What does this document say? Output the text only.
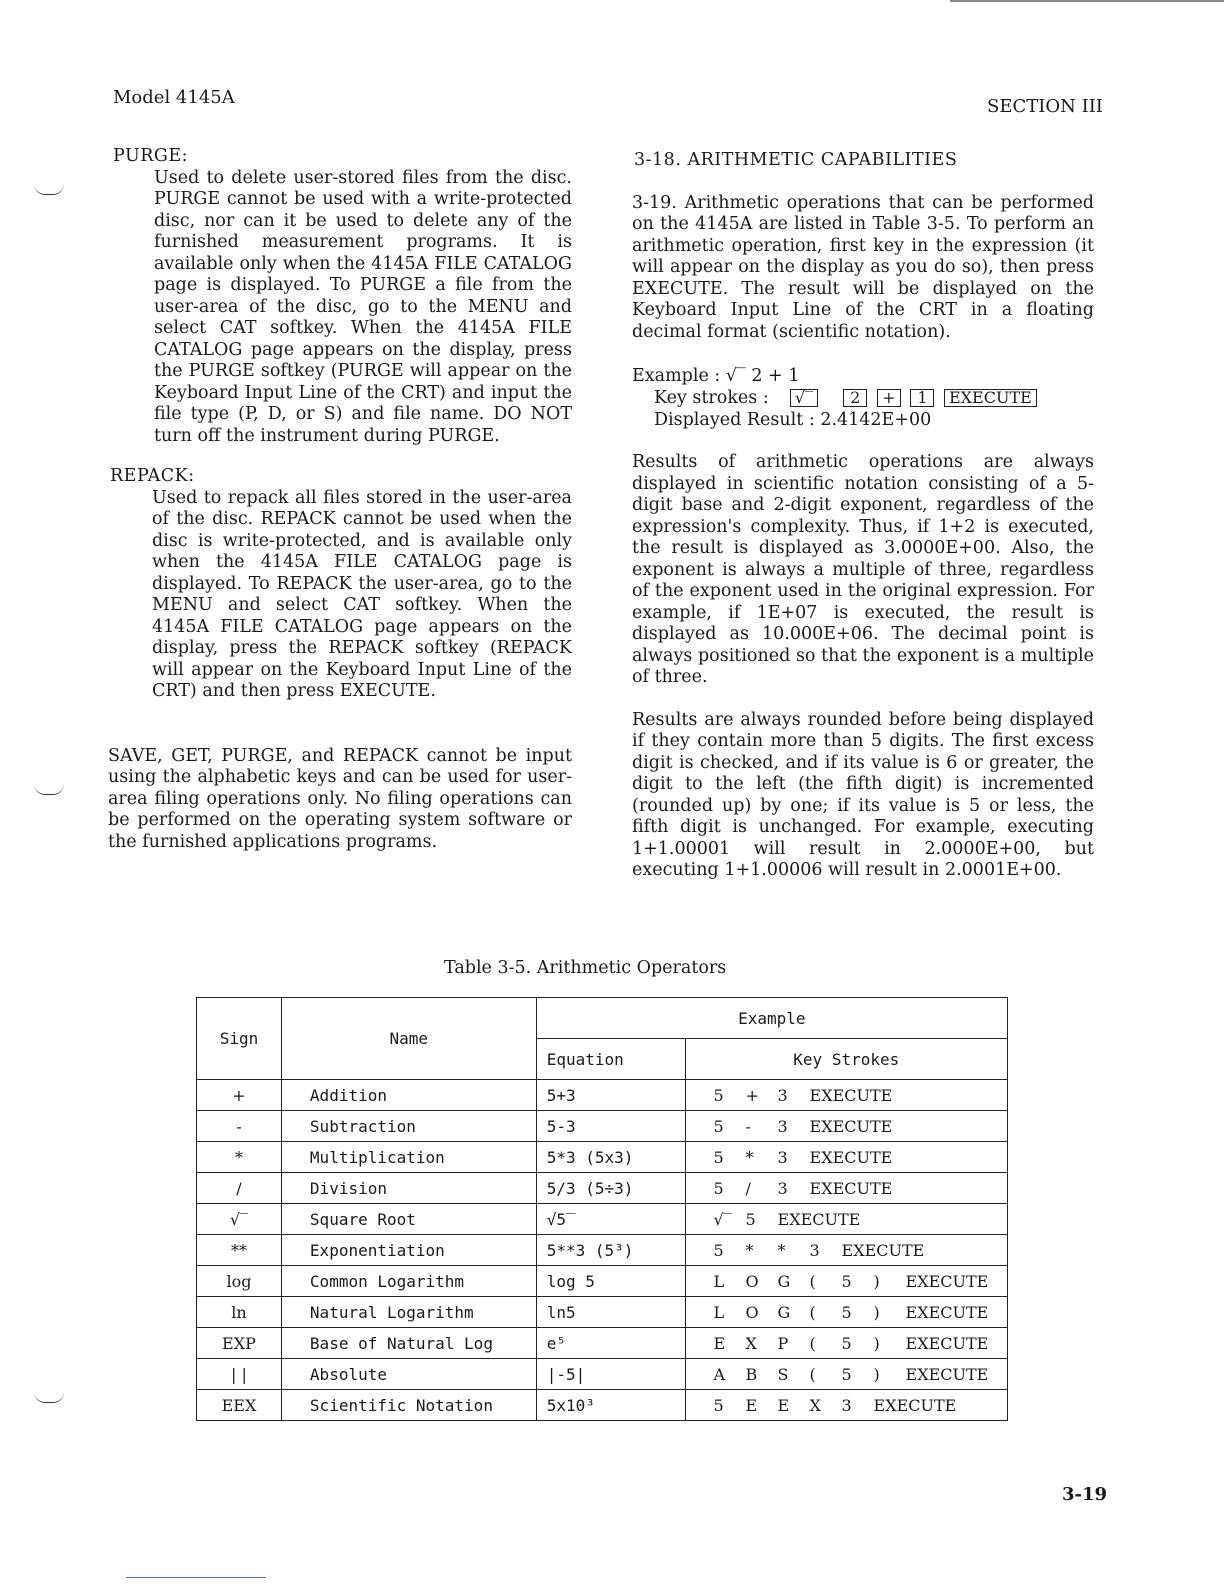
Model 4145A	SECTION III
PURGE:

Used to delete user-stored files from the disc. PURGE cannot be used with a write-protected disc, nor can it be used to delete any of the furnished measurement programs. It is available only when the 4145A FILE CATALOG page is displayed. To PURGE a file from the user-area of the disc, go to the MENU and select CAT softkey. When the 4145A FILE CATALOG page appears on the display, press the PURGE softkey (PURGE will appear on the Keyboard Input Line of the CRT) and input the file type (P, D, or S) and file name. DO NOT turn off the instrument during PURGE.

REPACK:

Used to repack all files stored in the user-area of the disc. REPACK cannot be used when the disc is write-protected, and is available only when the 4145A FILE CATALOG page is displayed. To REPACK the user-area, go to the MENU and select CAT softkey. When the 4145A FILE CATALOG page appears on the display, press the REPACK softkey (REPACK will appear on the Keyboard Input Line of the CRT) and then press EXECUTE.

SAVE, GET, PURGE, and REPACK cannot be input using the alphabetic keys and can be used for user-area filing operations only. No filing operations can be performed on the operating system software or the furnished applications programs.

3-18. ARITHMETIC CAPABILITIES

3-19. Arithmetic operations that can be performed on the 4145A are listed in Table 3-5. To perform an arithmetic operation, first key in the expression (it will appear on the display as you do so), then press EXECUTE. The result will be displayed on the Keyboard Input Line of the CRT in a floating decimal format (scientific notation).

Example : √‾ 2 + 1
Key strokes : √‾ 2 + 1 EXECUTE
Displayed Result : 2.4142E+00

Results of arithmetic operations are always displayed in scientific notation consisting of a 5-digit base and 2-digit exponent, regardless of the expression's complexity. Thus, if 1+2 is executed, the result is displayed as 3.0000E+00. Also, the exponent is always a multiple of three, regardless of the exponent used in the original expression. For example, if 1E+07 is executed, the result is displayed as 10.000E+06. The decimal point is always positioned so that the exponent is a multiple of three.

Results are always rounded before being displayed if they contain more than 5 digits. The first excess digit is checked, and if its value is 6 or greater, the digit to the left (the fifth digit) is incremented (rounded up) by one; if its value is 5 or less, the fifth digit is unchanged. For example, executing 1+1.00001 will result in 2.0000E+00, but executing 1+1.00006 will result in 2.0001E+00.

Table 3-5. Arithmetic Operators
Sign	Name	Example	
		Equation	Key Strokes
+	Addition	5+3	5 + 3 EXECUTE
-	Subtraction	5-3	5 - 3 EXECUTE
*	Multiplication	5*3 (5x3)	5 * 3 EXECUTE
/	Division	5/3 (5÷3)	5 / 3 EXECUTE
√‾	Square Root	√5‾	√‾ 5 EXECUTE
**	Exponentiation	5**3 (5³)	5 * * 3 EXECUTE
log	Common Logarithm	log 5	L O G ( 5 ) EXECUTE
ln	Natural Logarithm	ln5	L O G ( 5 ) EXECUTE
EXP	Base of Natural Log	e⁵	E X P ( 5 ) EXECUTE
| |	Absolute	|-5|	A B S ( 5 ) EXECUTE
EEX	Scientific Notation	5x10³	5 E E X 3 EXECUTE
3-19
